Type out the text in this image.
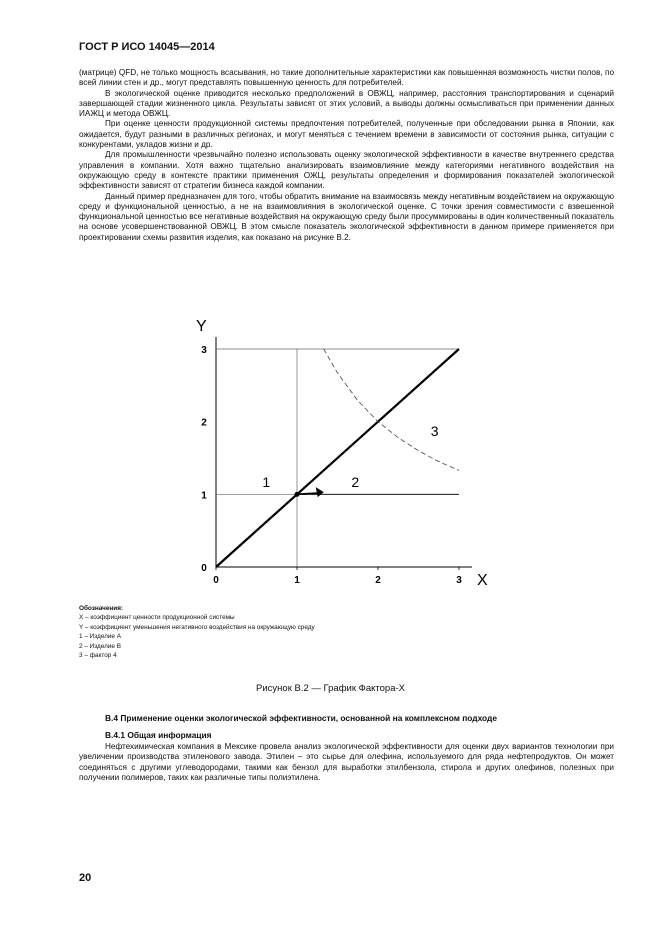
ГОСТ Р ИСО 14045—2014

(матрице) QFD, не только мощность всасывания, но такие дополнительные характеристики как повышенная возможность чистки полов, по всей линии стен и др., могут представлять повышенную ценность для потребителей.

В экологической оценке приводится несколько предположений в ОВЖЦ, например, расстояния транспортирования и сценарий завершающей стадии жизненного цикла. Результаты зависят от этих условий, а выводы должны осмысливаться при применении данных ИАЖЦ и метода ОВЖЦ.

При оценке ценности продукционной системы предпочтения потребителей, полученные при обследовании рынка в Японии, как ожидается, будут разными в различных регионах, и могут меняться с течением времени в зависимости от состояния рынка, ситуации с конкурентами, укладов жизни и др.

Для промышленности чрезвычайно полезно использовать оценку экологической эффективности в качестве внутреннего средства управления в компании. Хотя важно тщательно анализировать взаимовлияние между категориями негативного воздействия на окружающую среду в контексте практики применения ОЖЦ, результаты определения и формирования показателей экологической эффективности зависят от стратегии бизнеса каждой компании.

Данный пример предназначен для того, чтобы обратить внимание на взаимосвязь между негативным воздействием на окружающую среду и функциональной ценностью, а не на взаимовлияния в экологической оценке. С точки зрения совместимости с взвешенной функциональной ценностью все негативные воздействия на окружающую среду были просуммированы в один количественный показатель на основе усовершенствованной ОВЖЦ. В этом смысле показатель экологической эффективности в данном примере применяется при проектировании схемы развития изделия, как показано на рисунке В.2.

Y
X
0	1	2	3
0
1
2
3
1	2
3
Обозначения:
X – коэффициент ценности продукционной системы
Y – коэффициент уменьшения негативного воздействия на окружающую среду
1 – Изделие А
2 – Изделие В
3 – фактор 4
Рисунок В.2 — График Фактора-Х
В.4 Применение оценки экологической эффективности, основанной на комплексном подходе
В.4.1 Общая информация

Нефтехимическая компания в Мексике провела анализ экологической эффективности для оценки двух вариантов технологии при увеличении производства этиленового завода. Этилен – это сырье для олефина, используемого для ряда нефтепродуктов. Он может соединяться с другими углеводородами, такими как бензол для выработки этилбензола, стирола и других олефинов, полезных при получении полимеров, таких как различные типы полиэтилена.

20
